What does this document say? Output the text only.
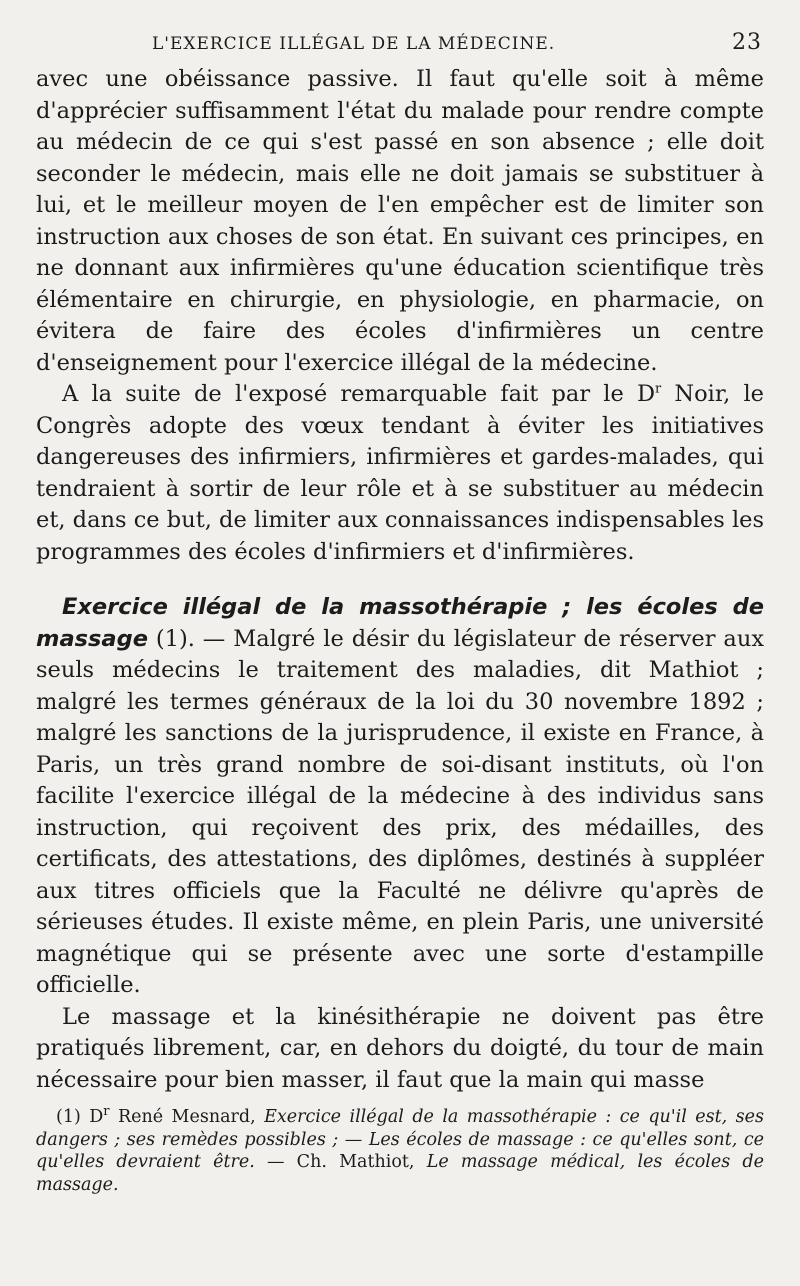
L'EXERCICE ILLÉGAL DE LA MÉDECINE.	23

avec une obéissance passive. Il faut qu'elle soit à même d'apprécier suffisamment l'état du malade pour rendre compte au médecin de ce qui s'est passé en son absence ; elle doit seconder le médecin, mais elle ne doit jamais se substituer à lui, et le meilleur moyen de l'en empêcher est de limiter son instruction aux choses de son état. En suivant ces principes, en ne donnant aux infirmières qu'une éducation scientifique très élémentaire en chirurgie, en physiologie, en pharmacie, on évitera de faire des écoles d'infirmières un centre d'enseignement pour l'exercice illégal de la médecine.

A la suite de l'exposé remarquable fait par le $D^r$ Noir, le Congrès adopte des vœux tendant à éviter les initiatives dangereuses des infirmiers, infirmières et gardes-malades, qui tendraient à sortir de leur rôle et à se substituer au médecin et, dans ce but, de limiter aux connaissances indispensables les programmes des écoles d'infirmiers et d'infirmières.

Exercice illégal de la massothérapie ; les écoles de massage (1). — Malgré le désir du législateur de réserver aux seuls médecins le traitement des maladies, dit Mathiot ; malgré les termes généraux de la loi du 30 novembre 1892 ; malgré les sanctions de la jurisprudence, il existe en France, à Paris, un très grand nombre de soi-disant instituts, où l'on facilite l'exercice illégal de la médecine à des individus sans instruction, qui reçoivent des prix, des médailles, des certificats, des attestations, des diplômes, destinés à suppléer aux titres officiels que la Faculté ne délivre qu'après de sérieuses études. Il existe même, en plein Paris, une université magnétique qui se présente avec une sorte d'estampille officielle.

Le massage et la kinésithérapie ne doivent pas être pratiqués librement, car, en dehors du doigté, du tour de main nécessaire pour bien masser, il faut que la main qui masse

(1) $D^r$ René Mesnard, Exercice illégal de la massothérapie : ce qu'il est, ses dangers ; ses remèdes possibles ; — Les écoles de massage : ce qu'elles sont, ce qu'elles devraient être. — Ch. Mathiot, Le massage médical, les écoles de massage.
